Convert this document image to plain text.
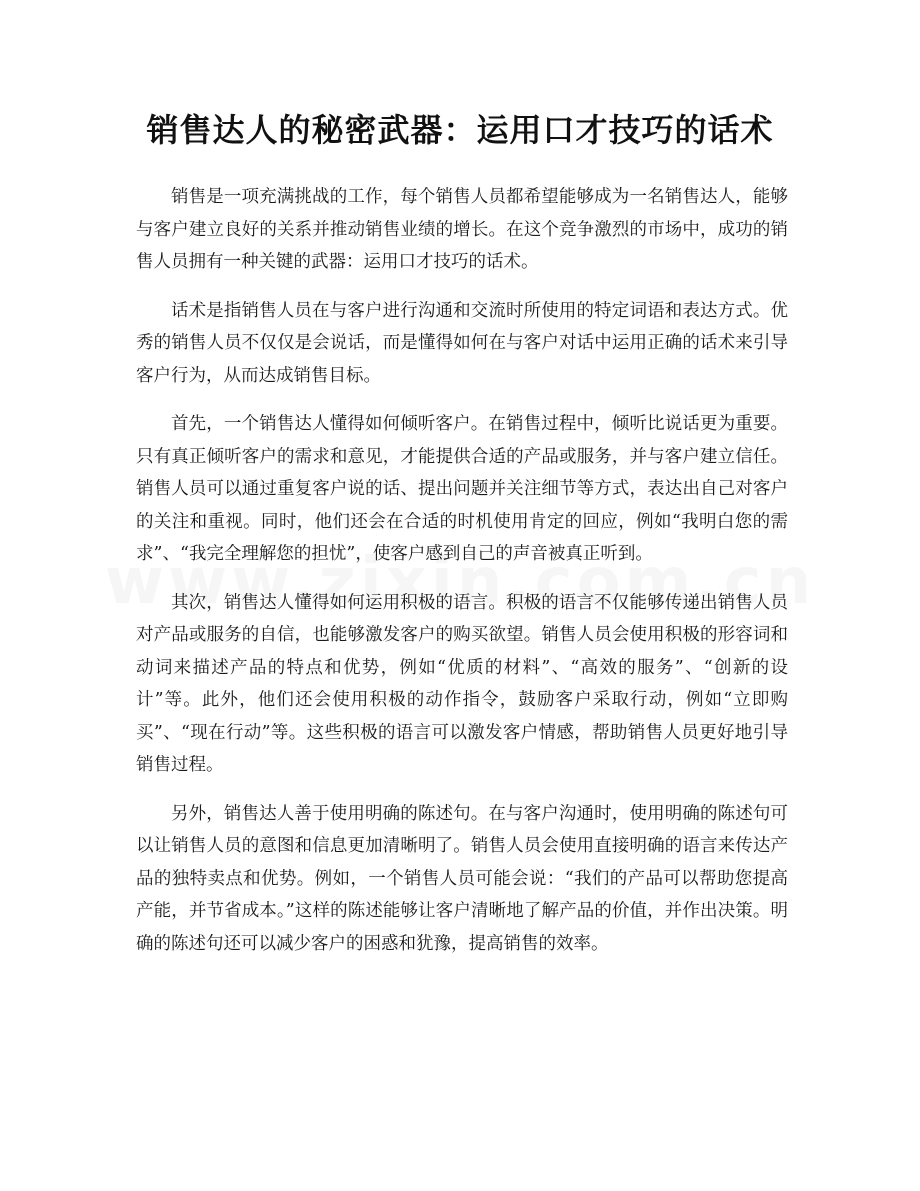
销售达人的秘密武器：运用口才技巧的话术

销售是一项充满挑战的工作，每个销售人员都希望能够成为一名销售达人，能够与客户建立良好的关系并推动销售业绩的增长。在这个竞争激烈的市场中，成功的销售人员拥有一种关键的武器：运用口才技巧的话术。

话术是指销售人员在与客户进行沟通和交流时所使用的特定词语和表达方式。优秀的销售人员不仅仅是会说话，而是懂得如何在与客户对话中运用正确的话术来引导客户行为，从而达成销售目标。

首先，一个销售达人懂得如何倾听客户。在销售过程中，倾听比说话更为重要。只有真正倾听客户的需求和意见，才能提供合适的产品或服务，并与客户建立信任。销售人员可以通过重复客户说的话、提出问题并关注细节等方式，表达出自己对客户的关注和重视。同时，他们还会在合适的时机使用肯定的回应，例如“我明白您的需求”、“我完全理解您的担忧”，使客户感到自己的声音被真正听到。

其次，销售达人懂得如何运用积极的语言。积极的语言不仅能够传递出销售人员对产品或服务的自信，也能够激发客户的购买欲望。销售人员会使用积极的形容词和动词来描述产品的特点和优势，例如“优质的材料”、“高效的服务”、“创新的设计”等。此外，他们还会使用积极的动作指令，鼓励客户采取行动，例如“立即购买”、“现在行动”等。这些积极的语言可以激发客户情感，帮助销售人员更好地引导销售过程。

另外，销售达人善于使用明确的陈述句。在与客户沟通时，使用明确的陈述句可以让销售人员的意图和信息更加清晰明了。销售人员会使用直接明确的语言来传达产品的独特卖点和优势。例如，一个销售人员可能会说：“我们的产品可以帮助您提高产能，并节省成本。”这样的陈述能够让客户清晰地了解产品的价值，并作出决策。明确的陈述句还可以减少客户的困惑和犹豫，提高销售的效率。
